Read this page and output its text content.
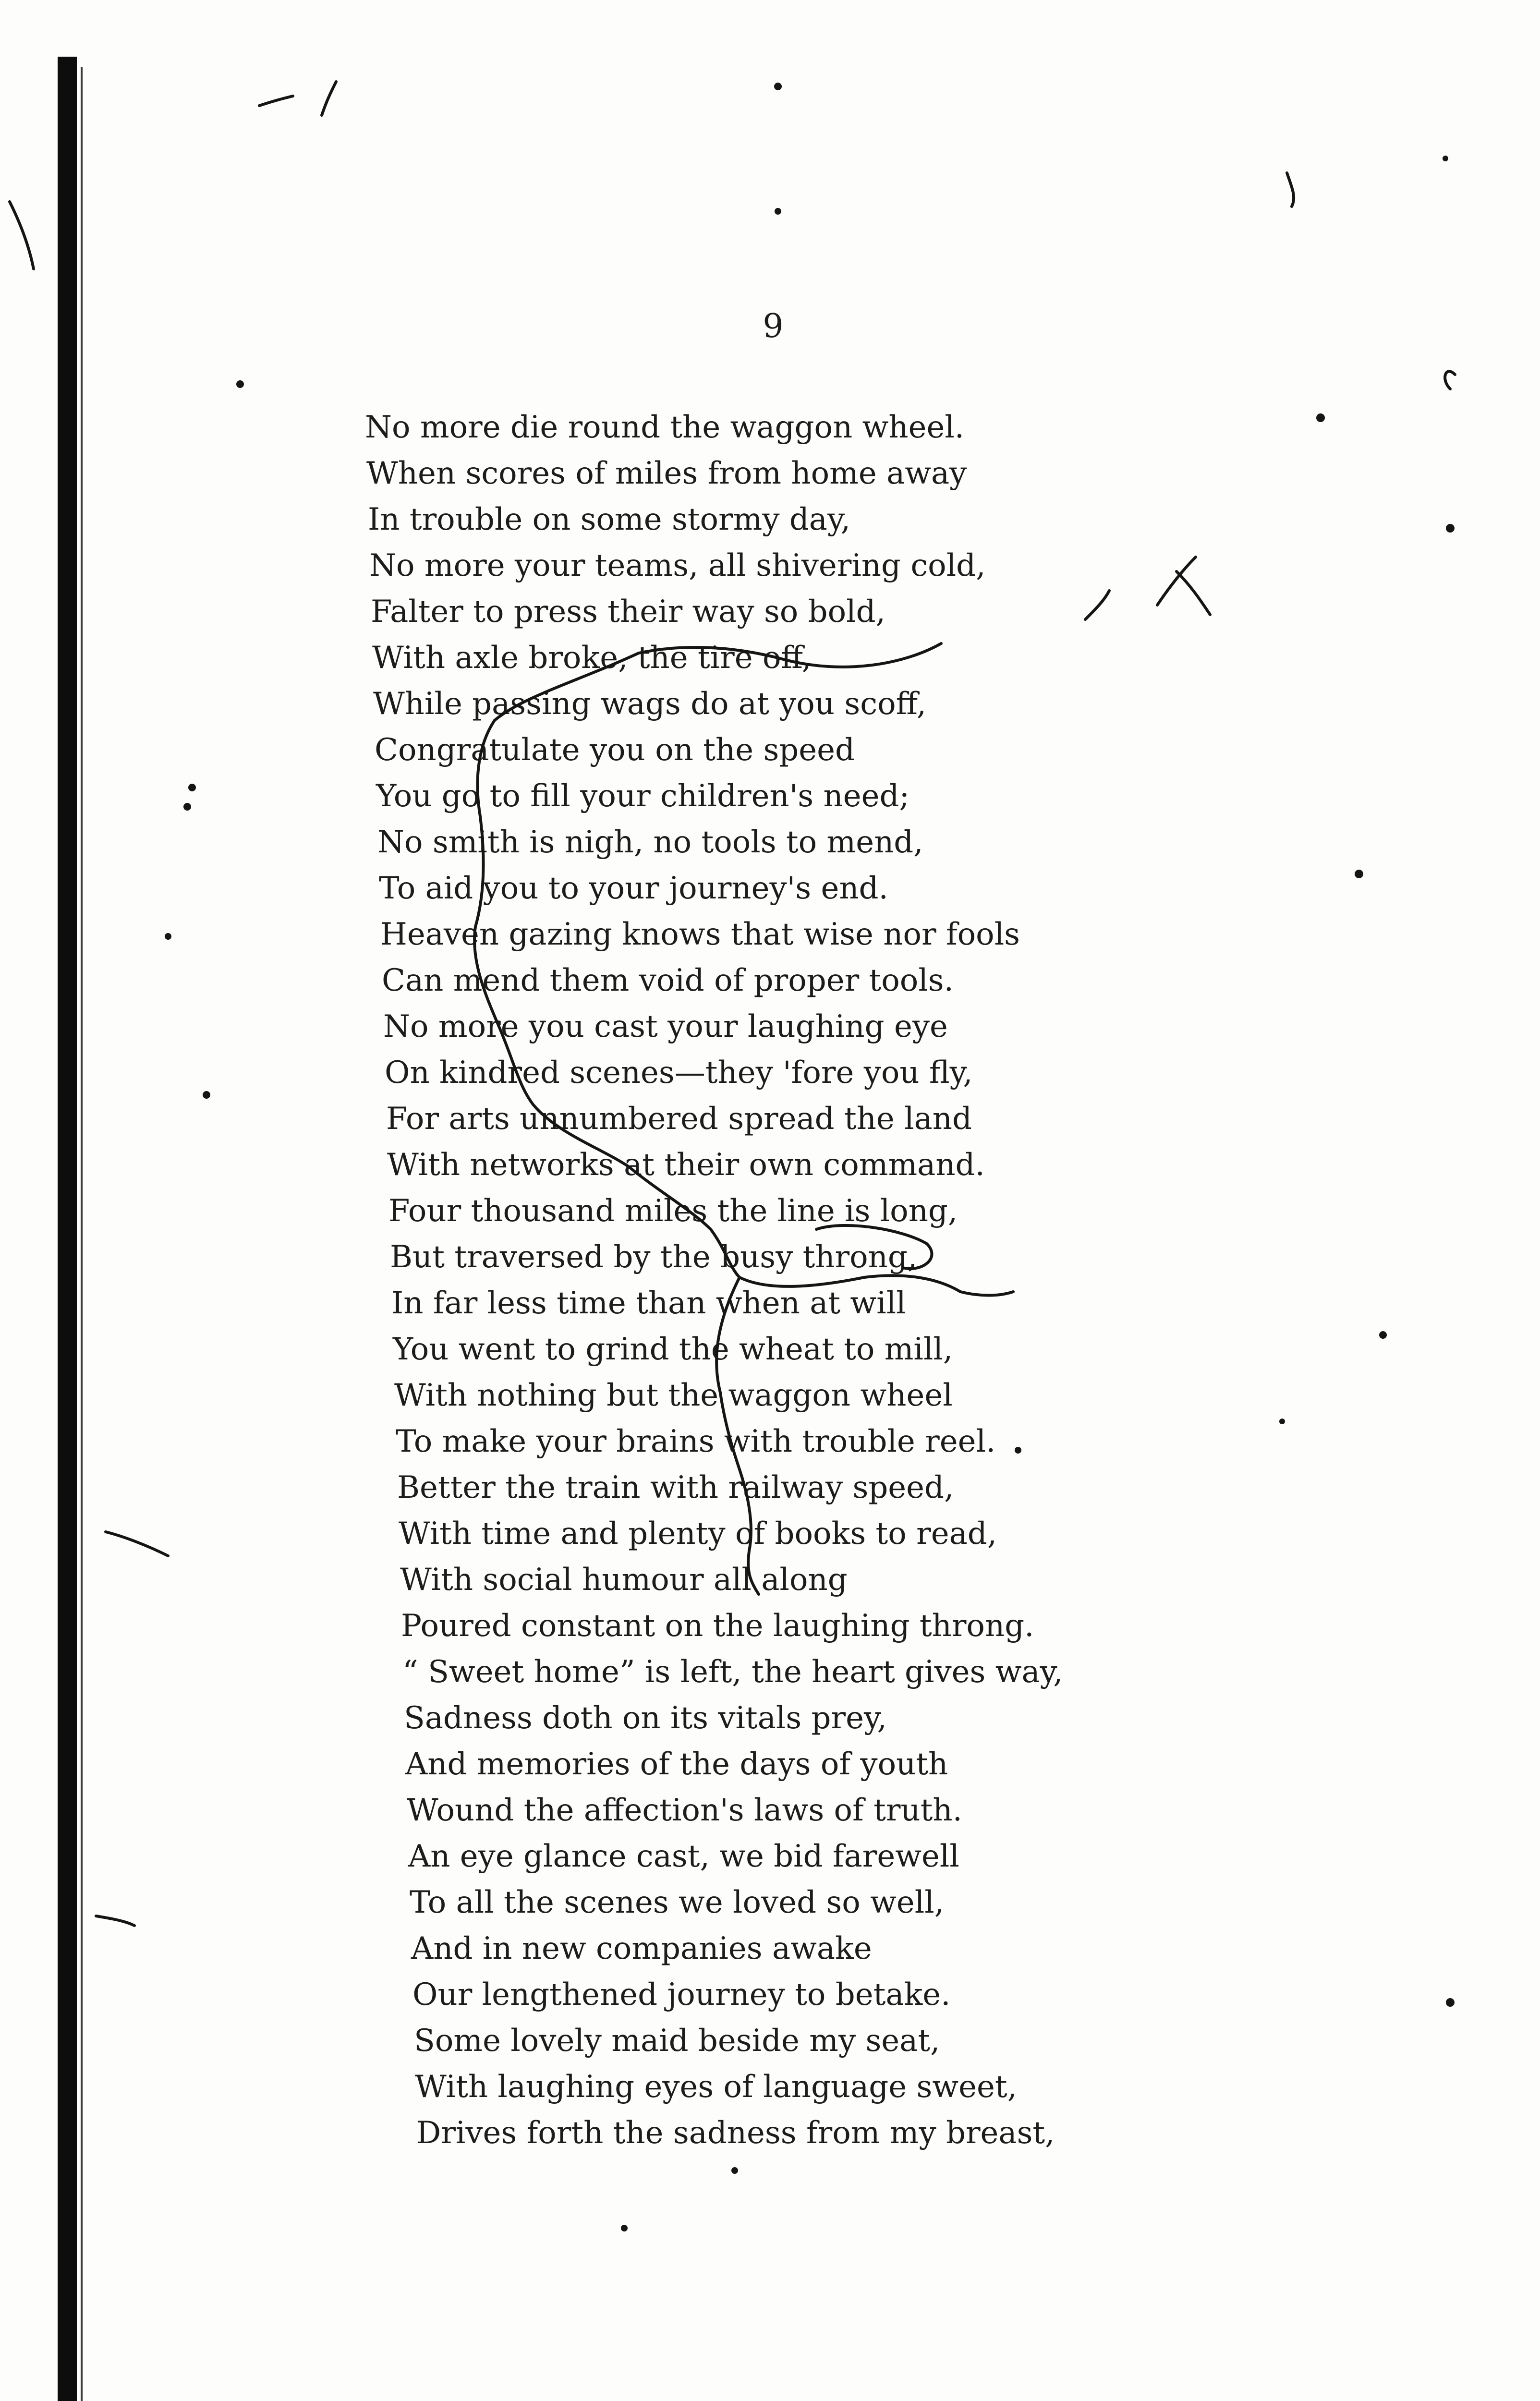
9
No more die round the waggon wheel.
When scores of miles from home away
In trouble on some stormy day,
No more your teams, all shivering cold,
Falter to press their way so bold,
With axle broke, the tire off,
While passing wags do at you scoff,
Congratulate you on the speed
You go to fill your children's need;
No smith is nigh, no tools to mend,
To aid you to your journey's end.
Heaven gazing knows that wise nor fools
Can mend them void of proper tools.
No more you cast your laughing eye
On kindred scenes—they 'fore you fly,
For arts unnumbered spread the land
With networks at their own command.
Four thousand miles the line is long,
But traversed by the busy throng,
In far less time than when at will
You went to grind the wheat to mill,
With nothing but the waggon wheel
To make your brains with trouble reel.
Better the train with railway speed,
With time and plenty of books to read,
With social humour all along
Poured constant on the laughing throng.
“ Sweet home” is left, the heart gives way,
Sadness doth on its vitals prey,
And memories of the days of youth
Wound the affection's laws of truth.
An eye glance cast, we bid farewell
To all the scenes we loved so well,
And in new companies awake
Our lengthened journey to betake.
Some lovely maid beside my seat,
With laughing eyes of language sweet,
Drives forth the sadness from my breast,
